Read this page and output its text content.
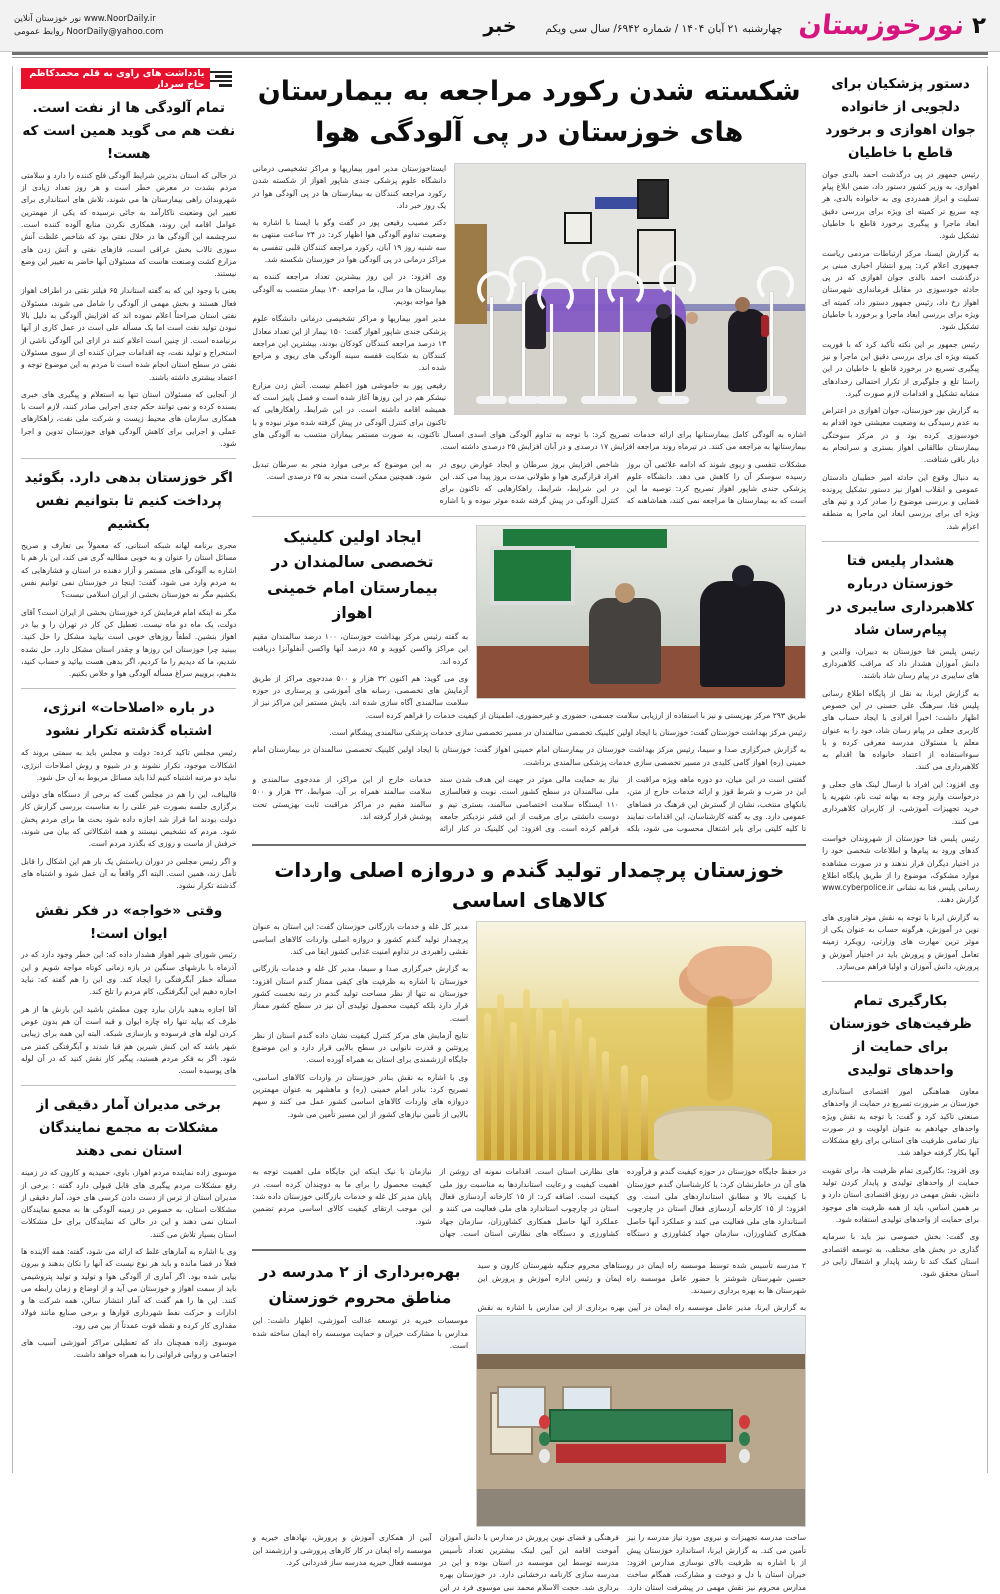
۲
نورخوزستان
چهارشنبه ۲۱ آبان ۱۴۰۴ / شماره ۶۹۴۲/ سال سی ویکم
خبر
نور خوزستان آنلاین www.NoorDaily.ir
روابط عمومی NoorDaily@yahoo.com
یادداشت های راوی به قلم محمدکاظم حاج سردار
تمام آلودگی ها از نفت است. نفت هم می گوید همین است که هست!

در حالی که استان بدترین شرایط آلودگی فلج کننده را دارد و سلامتی مردم بشدت در معرض خطر است و هر روز تعداد زیادی از شهروندان راهی بیمارستان ها می شوند، تلاش های استانداری برای تغییر این وضعیت ناکارآمد به جائی نرسیده که یکی از مهمترین عوامل اقامه این روند، همکاری نکردن منابع آلوده کننده است. سرچشمه این آلودگی ها در خلال نفتی بود که شاخص غلظت آنش سوزی تالاب بخش عراقی است، فازهای نفتی و آتش زدن های مزارع کشت وصنعت هاست که مسئولان آنها حاضر به تغییر این وضع نیستند.

یعنی با وجود این که به گفته استاندار ۶۵ فیلتر نقتی در اطراف اهواز فعال هستند و بخش مهمی از آلودگی را شامل می شوند، مسئولان نفتی استان صراحتاً اعلام نموده اند که افزایش آلودگی به دلیل بالا نبودن تولید نفت است اما یک مسأله علی است در عمل کاری از آنها برنیامده است. از چنین است اعلام کنند در ازای این آلودگی ناشی از استخراج و تولید نفت، چه اقدامات جبران کننده ای از سوی مسئولان نفتی در سطح استان انجام شده است تا مردم به این موضوع توجه و اعتماد بیشتری داشته باشند.

از آنجایی که مسئولان استان تنها به استعلام و پیگیری های خبری بسنده کرده و نمی توانند حکم جدی اجرایی صادر کنند، لازم است با همکاری سازمان های محیط زیست و شرکت ملی نفت، راهکارهای عملی و اجرایی برای کاهش آلودگی هوای خوزستان تدوین و اجرا شود.

اگر خوزستان بدهی دارد. بگوئید پرداخت کنیم تا بتوانیم نفس بکشیم

مجری برنامه لهانه شبکه استانی، که معمولاً بی تعارف و صریح مسائل استان را عنوان و به خوبی مطالبه گری می کند، این بار هم با اشاره به آلودگی های مستمر و آزار دهنده در استان و فشارهایی که به مردم وارد می شود، گفت: اینجا در خوزستان نمی توانیم نفس بکشیم مگر نه خوزستان بخشی از ایران اسلامی نیست؟

مگر نه اینکه امام فرمایش کرد خوزستان بخشی از ایران است؟ آقای دولت، یک ماه دو ماه نیست. تعطیل کن کار در تهران را و بیا در اهواز بنشین. لطفاً روزهای خوبی است بیایید مشکل را حل کنید. ببینید چرا خوزستان این روزها و چقدر استان مشکل دارد. حل نشده شدیم، ما که دیدیم را ما کردیم، اگر بدهی هست بیائید و حساب کنید، بدهیم، بروییم سراغ مسأله آلودگی هوا و خلاص بکنیم.

در باره «اصلاحات» انرژی، اشتباه گذشته تکرار نشود

رئیس مجلس تاکید کرده: دولت و مجلس باید به سمتی بروند که اشکالات موجود، تکرار نشوند و در شیوه و روش اصلاحات انرژی، نباید دو مرتبه اشتباه کنیم لذا باید مسائل مربوط به آن حل شود.

قالیباف، این را هم در مجلس گفت که برخی از دستگاه های دولتی برگزاری جلسه بصورت غیر علنی را به مناسبت بررسی گزارش کار دولت بودند اما قرار شد اجازه داده شود بحث ها برای مردم پخش شود. مردم که تشخیص نیستند و همه اشکالاتی که بیان می شوند، حرفش از ماست و روزی که بگذرد مردم است.

و اگر رئیس مجلس در دوران ریاستش یک بار هم این اشکال را قابل تأمل زند، همین است. البته اگر واقعاً به آن عمل شود و اشتباه های گذشته تکرار نشود.

وقتی «خواجه» در فکر نقش ایوان است!

رئیس شورای شهر اهواز هشدار داده که: این خطر وجود دارد که در آذرماه با بارشهای سنگین در بازه زمانی کوتاه مواجه شویم و این مسأله خطر آبگرفتگی را ایجاد کند. وی این را هم گفته که: نباید اجازه دهیم این آبگرفتگی، کام مردم را تلخ کند.

آقا اجازه بدهید باران ببارد چون مطمئن باشید این بارش ها از هر طرف که بیاید تنها راه چاره ایوان و قبه است آن هم بدون عوض کردن لوله های فرسوده و بازسازی شبکه. البته این همه برای زیبایی شهر باشد که این کنش شیرین هم قبا شدند و آبگرفتگی کمتر می شود. اگر به فکر مردم هستید، پیگیر کار نقش کنید که در آن لوله های پوسیده است.

برخی مدیران آمار دقیقی از مشکلات به مجمع نمایندگان استان نمی دهند

موسوی زاده نماینده مردم اهواز، باوی، حمیدیه و کارون که در زمینه رفع مشکلات مردم پیگیری های قابل قبولی دارد گفته : برخی از مدیران استان از ترس از دست دادن کرسی های خود، آمار دقیقی از مشکلات استان، به خصوص در زمینه آلودگی ها به مجمع نمایندگان استان نمی دهند و این در حالی که نمایندگان برای حل مشکلات استان بسیار تلاش می کنند.

وی با اشاره به آمارهای غلط که ارائه می شود، گفته: همه آلاینده ها فعلاً در فضا مانده و باید هر نوع نیست که آنها را تکان بدهند و بیرون بیایی شده بود. اگر آماری از آلودگی هوا و تولید و تولید پتروشیمی باید از سمت اهواز و خوزستان می آید و از اوضاع و زمان رابطه می کنند. این ها را هم گفت که آمار انتشار سالن، همه شرکت ها و ادارات و حرکت نفط شهرداری قوارها و برخی صنایع مانند فولاد مقداری کار کرده و نقطه قوت عمدتاً از بین می رود.

موسوی زاده همچنان داد که تعطیلی مراکز آموزشی آسیب های اجتماعی و روانی فراوانی را به همراه خواهد داشت.

شکسته شدن رکورد مراجعه به بیمارستان های خوزستان در پی آلودگی هوا

ایستاخوزستان مدیر امور بیماریها و مراکز تشخیصی درمانی دانشگاه علوم پزشکی جندی شاپور اهواز از شکسته شدن رکورد مراجعه کنندگان به بیمارستان ها در پی آلودگی هوا در یک روز خبر داد.

دکتر مصیب رفیعی پور در گفت وگو با ایسنا با اشاره به وضعیت تداوم آلودگی هوا اظهار کرد: در ۲۴ ساعت منتهی به سه شنبه روز ۱۹ آبان، رکورد مراجعه کنندگان قلبی تنفسی به مراکز درمانی در پی آلودگی هوا در خوزستان شکسته شد.

وی افزود: در این روز بیشترین تعداد مراجعه کننده به بیمارستان ها در سال، ما مراجعه ۱۳۰ بیمار منتسب به آلودگی هوا مواجه بودیم.

مدیر امور بیماریها و مراکز تشخیصی درمانی دانشگاه علوم پزشکی جندی شاپور اهواز گفت: ۱۵۰ بیمار از این تعداد معادل ۱۳ درصد مراجعه کنندگان کودکان بودند، بیشترین این مراجعه کنندگان به شکایت قفسه سینه آلودگی های ریوی و مراجع شده اند.

رفیعی پور به خاموشی هوز اعظم نیست. آتش زدن مزارع نیشکر هم در این روزها آغاز شده است و فصل پاییز است که همیشه اقامه داشته است. در این شرایط، راهکارهایی که تاکنون برای کنترل آلودگی در پیش گرفته شده موثر نبوده و با اشاره به آلودگی کامل بیمارستانها برای ارائه خدمات تصریح کرد: با توجه به تداوم آلودگی هوای اسدی امسال تاکنون، به صورت مستمر بیماران منتسب به آلودگی های بیمارستانها به مراجعه می کنند. در تیرماه روند مراجعه افزایش ۱۷ درصدی و در آبان افزایش ۲۵ درصدی داشته است.

مشکلات تنفسی و ریوی شوند که ادامه علائمی آن بروز رسیده سوسکر آن را کاهش می دهد. دانشگاه علوم پزشکی جندی شاپور اهواز تصریح کرد: توصیه ما این است که به بیمارستان ها مراجعه نمی کنند، هماشاهنه که شاخص افزایش بروز سرطان و ایجاد عوارض ریوی در افراد قرارگیری هوا و طولانی مدت بروز پیدا می کند. این در این شرایط، شرایط، راهکارهایی که تاکنون برای کنترل آلودگی در پیش گرفته شده موثر نبوده و با اشاره به این موضوع که برخی موارد منجر به سرطان تبدیل شود. همچنین ممکن است منجر به ۲۵ درصدی است.
ایجاد اولین کلینیک تخصصی سالمندان در بیمارستان امام خمینی اهواز

به گفته رئیس مرکز بهداشت خوزستان، ۱۰۰ درصد سالمندان مقیم این مراکز واکسن کووید و ۸۵ درصد آنها واکسن آنفلوآنزا دریافت کرده اند.

وی می گوید: هم اکنون ۳۲ هزار و ۵۰۰ مددجوی مراکز از طریق آزمایش های تخصصی، رسانه های آموزشی و پرستاری در حوزه سلامت سالمندی آگاه سازی شده اند. بایش مستمر این مراکز نیز از طریق ۲۹۳ مرکز بهزیستی و نیز با استفاده از ارزیابی سلامت جسمی، حضوری و غیرحضوری، اطمینان از کیفیت خدمات را فراهم کرده است.

رئیس مرکز بهداشت خوزستان گفت: خوزستان با ایجاد اولین کلینیک تخصصی سالمندان در مسیر تخصصی سازی خدمات پزشکی سالمندی پیشگام است.

به گزارش خبرگزاری صدا و سیما، رئیس مرکز بهداشت خوزستان در بیمارستان امام خمینی اهواز گفت: خوزستان با ایجاد اولین کلینیک تخصصی سالمندان در بیمارستان امام خمینی (ره) اهواز گامی کلیدی در مسیر تخصصی سازی خدمات پزشکی سالمندی برداشت.

گفتنی است در این میان، دو دوره ماهه ویژه مراقبت از این در ضرب و شرط قوز و ارائه خدمات خارج از متن، بانکهای منتخب، نشان از گسترش این فرهنگ در فضاهای عمومی دارد. وی به گفته کارشناسان، این اقدامات نمایند تا کلیه کلیتی برای بایر اشتغال محسوب می شود، بلکه نیاز به حمایت مالی موثر در جهت این هدف شدن سند ملی سالمندان در سطح کشور است. نوبت و فعالسازی ۱۱۰ ایستگاه سلامت اختصاصی سالمند، بستری تیم و دوست دانشتی برای مرقبت از این قشر نزدیکتر جامعه فراهم کرده است. وی افزود: این کلینیک در کنار ارائه خدمات خارج از این مراکز، از مددجوی سالمندی و سلامت سالمند همراه بر آن. ضوابط، ۳۲ هزار و ۵۰۰ سالمند مقیم در مراکز مراقبت ثابت بهزیستی تحت پوشش قرار گرفته اند.
خوزستان پرچمدار تولید گندم و دروازه اصلی واردات کالاهای اساسی

مدیر کل غله و خدمات بازرگانی خوزستان گفت: این استان به عنوان پرچمدار تولید گندم کشور و دروازه اصلی واردات کالاهای اساسی نقشی راهبردی در تداوم امنیت غذایی کشور ایفا می کند.

به گزارش خبرگزاری صدا و سیما، مدیر کل غله و خدمات بازرگانی خوزستان با اشاره به ظرفیت های کیفی ممتاز گندم استان افزود: خوزستان نه تنها از نظر مساحت تولید گندم در رتبه نخست کشور قرار دارد بلکه کیفیت محصول تولیدی آن نیز در سطح کشور ممتاز است.

نتایج آزمایش های مرکز کنترل کیفیت نشان داده گندم استان از نظر پروتئین و قدرت نانوایی در سطح بالایی قرار دارد و این موضوع جایگاه ارزشمندی برای استان به همراه آورده است.

وی با اشاره به نقش بنادر خوزستان در واردات کالاهای اساسی، تصریح کرد: بنادر امام خمینی (ره) و ماهشهر به عنوان مهمترین دروازه های واردات کالاهای اساسی کشور عمل می کنند و سهم بالایی از تأمین نیازهای کشور از این مسیر تأمین می شود.

در حفظ جایگاه خوزستان در حوزه کیفیت گندم و فرآورده های آن در خاطرنشان کرد: با کارشناسان گندم خوزستان با کیفیت بالا و مطابق استانداردهای ملی است. وی افزود: از ۱۵ کارخانه آردسازی فعال استان در چارچوب استاندارد های ملی فعالیت می کنند و عملکرد آنها حاصل همکاری کشاورزان، سازمان جهاد کشاورزی و دستگاه های نظارتی استان است. اقدامات نمونه ای روشن از اهمیت کیفیت و رعایت استانداردها به مناسبت روز ملی کیفیت است. اضافه کرد: از ۱۵ کارخانه آردسازی فعال استان در چارچوب استاندارد های ملی فعالیت می کنند و عملکرد آنها حاصل همکاری کشاورزان، سازمان جهاد کشاورزی و دستگاه های نظارتی استان است. جهان نیازمان با نیک اینکه این جایگاه ملی اهمیت توجه به کیفیت محصول را برای ما به دوچندان کرده است. در پایان مدیر کل غله و خدمات بازرگانی خوزستان داده شد: این موجب ارتقای کیفیت کالای اساسی مردم تضمین شود.
بهره‌برداری از ۲ مدرسه در مناطق محروم خوزستان

۲ مدرسه تأسیس شده توسط موسسه راه ایمان در روستاهای محروم جنگیه شهرستان کارون و سید حسین شهرستان شوشتر با حضور عامل موسسه راه ایمان و رئیس اداره آموزش و پرورش این شهرستان ها به بهره برداری رسیدند.

به گزارش ایرنا، مدیر عامل موسسه راه ایمان در آیین بهره برداری از این مدارس با اشاره به نقش موسسات خیریه در توسعه عدالت آموزشی، اظهار داشت: این مدارس با مشارکت خیران و حمایت موسسه راه ایمان ساخته شده است.

ساخت مدرسه تجهیزات و نیروی مورد نیاز مدرسه را نیز تأمین می کند. به گزارش ایرنا، استاندارد خوزستان پیش از با اشاره به ظرفیت بالای نوسازی مدارس افزود: خیران استان با دل و دوخت و مشارکت، همگام ساخت مدارس محروم نیز نقش مهمی در پیشرفت استان دارد. فرهنگی و فضای نوین پرورش در مدارس با دانش آموزان آموخت اقامه این آیین لینک بیشترین تعداد تأسیس مدرسه توسط این موسسه در استان بوده و این در مدرسه سازی کارنامه درخشانی دارد. در خوزستان بهره برداری شد. حجت الاسلام محمد نبی موسوی فرد در این آیین از همکاری آموزش و پرورش، نهادهای خیریه و موسسه راه ایمان در کار کارهای پرورشی و ارزشمند این موسسه فعال خیریه مدرسه ساز قدردانی کرد.
دستور پزشکیان برای دلجویی از خانواده جوان اهوازی و برخورد قاطع با خاطیان

رئیس جمهور در پی درگذشت احمد بالدی جوان اهوازی، به وزیر کشور دستور داد، ضمن ابلاغ پیام تسلیت و ابراز همدردی وی به خانواده بالدی، هر چه سریع تر کمیته ای ویژه برای بررسی دقیق ابعاد ماجرا و پیگیری برخورد قاطع با خاطیان تشکیل شود.

به گزارش ایسنا، مرکز ارتباطات مردمی ریاست جمهوری اعلام کرد: پیرو انتشار اخباری مبنی بر درگذشت احمد بالدی جوان اهوازی که در پی حادثه خودسوزی در مقابل فرمانداری شهرستان اهواز رخ داد، رئیس جمهور دستور داد، کمیته ای ویژه برای بررسی ابعاد ماجرا و برخورد با خاطیان تشکیل شود.

رئیس جمهور بر این نکته تأکید کرد که با فوریت کمیته ویژه ای برای بررسی دقیق این ماجرا و نیز پیگیری تسریع در برخورد قاطع با خاطیان در این راستا تلغ و جلوگیری از تکرار احتمالی رخدادهای مشابه تشکیل و اقدامات لازم صورت گیرد.

به گزارش نور خوزستان، جوان اهوازی در اعتراض به عدم رسیدگی به وضعیت معیشتی خود اقدام به خودسوزی کرده بود و در مرکز سوختگی بیمارستان طالقانی اهواز بستری و سرانجام به دیار باقی شتافت.

به دنبال وقوع این حادثه امیر خطیبان دادستان عمومی و انقلاب اهواز نیز دستور تشکیل پرونده قضایی و بررسی موضوع را صادر کرد و تیم های ویژه ای برای بررسی ابعاد این ماجرا به منطقه اعزام شد.

هشدار پلیس فتا خوزستان درباره کلاهبرداری سایبری در پیام‌رسان شاد

رئیس پلیس فتا خوزستان به دبیران، والدین و دانش آموزان هشدار داد که مراقب کلاهبرداری های سایبری در پیام رسان شاد باشند.

به گزارش ایرنا، به نقل از پایگاه اطلاع رسانی پلیس فتا، سرهنگ علی حسنی در این خصوص اظهار داشت: اخیراً افرادی با ایجاد حساب های کاربری جعلی در پیام رسان شاد، خود را به عنوان معلم یا مسئولان مدرسه معرفی کرده و با سوءاستفاده از اعتماد خانواده ها اقدام به کلاهبرداری می کنند.

وی افزود: این افراد با ارسال لینک های جعلی و درخواست واریز وجه به بهانه ثبت نام، شهریه یا خرید تجهیزات آموزشی، از کاربران کلاهبرداری می کنند.

رئیس پلیس فتا خوزستان از شهروندان خواست کدهای ورود به پیام‌ها و اطلاعات شخصی خود را در اختیار دیگران قرار ندهند و در صورت مشاهده موارد مشکوک، موضوع را از طریق پایگاه اطلاع رسانی پلیس فتا به نشانی www.cyberpolice.ir گزارش دهند.

به گزارش ایرنا با توجه به نقش موثر فناوری های نوین در آموزش، هرگونه حساب به عنوان یکی از موثر ترین مهارت های وزارتی، رویکرد زمینه تعامل آموزش و پرورش باید در اختیار آموزش و پرورش، دانش آموزان و اولیا فراهم می‌سازد.

بکارگیری تمام ظرفیت‌های خوزستان برای حمایت از واحدهای تولیدی

معاون هماهنگی امور اقتصادی استانداری خوزستان بر ضرورت تسریع در حمایت از واحدهای صنعتی تاکید کرد و گفت: با توجه به نقش ویژه واحدهای جهادهم به عنوان اولویت و در صورت نیاز تمامی ظرفیت های استانی برای رفع مشکلات آنها بکار گرفته خواهد شد.

وی افزود: بکارگیری تمام ظرفیت ها، برای تقویت حمایت از واحدهای تولیدی و پایدار کردن تولید دانش، نقش مهمی در رونق اقتصادی استان دارد و بر همین اساس، باید از همه ظرفیت های موجود برای حمایت از واحدهای تولیدی استفاده شود.

وی گفت: بخش خصوصی نیز باید با سرمایه گذاری در بخش های مختلف، به توسعه اقتصادی استان کمک کند تا رشد پایدار و اشتغال زایی در استان محقق شود.
